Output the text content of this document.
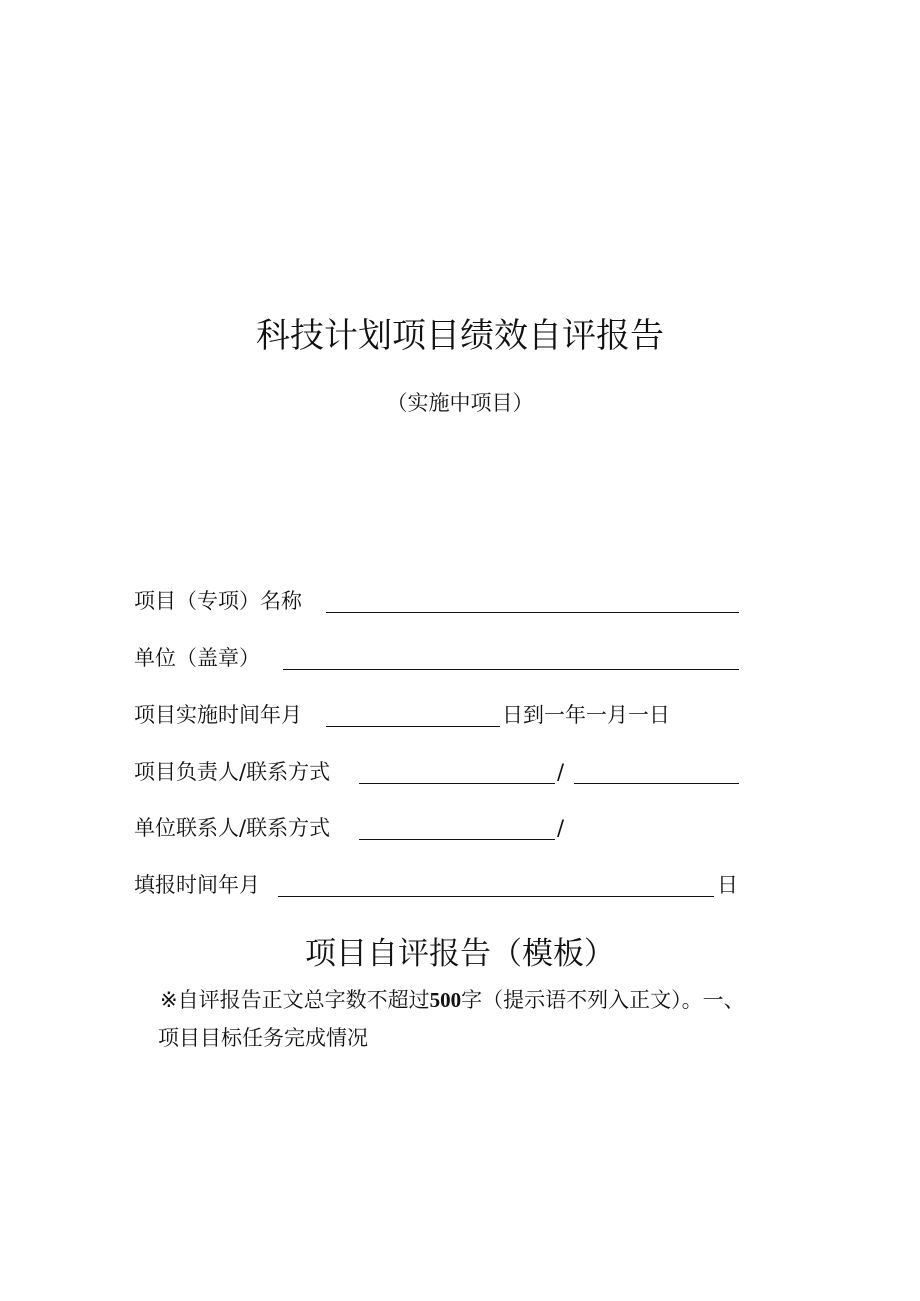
科技计划项目绩效自评报告
（实施中项目）
项目（专项）名称
单位（盖章）
项目实施时间年月	日到一年一月一日
项目负责人/联系方式	/
单位联系人/联系方式	/
填报时间年月	日
项目自评报告（模板）
※自评报告正文总字数不超过500字（提示语不列入正文）。一、
项目目标任务完成情况
